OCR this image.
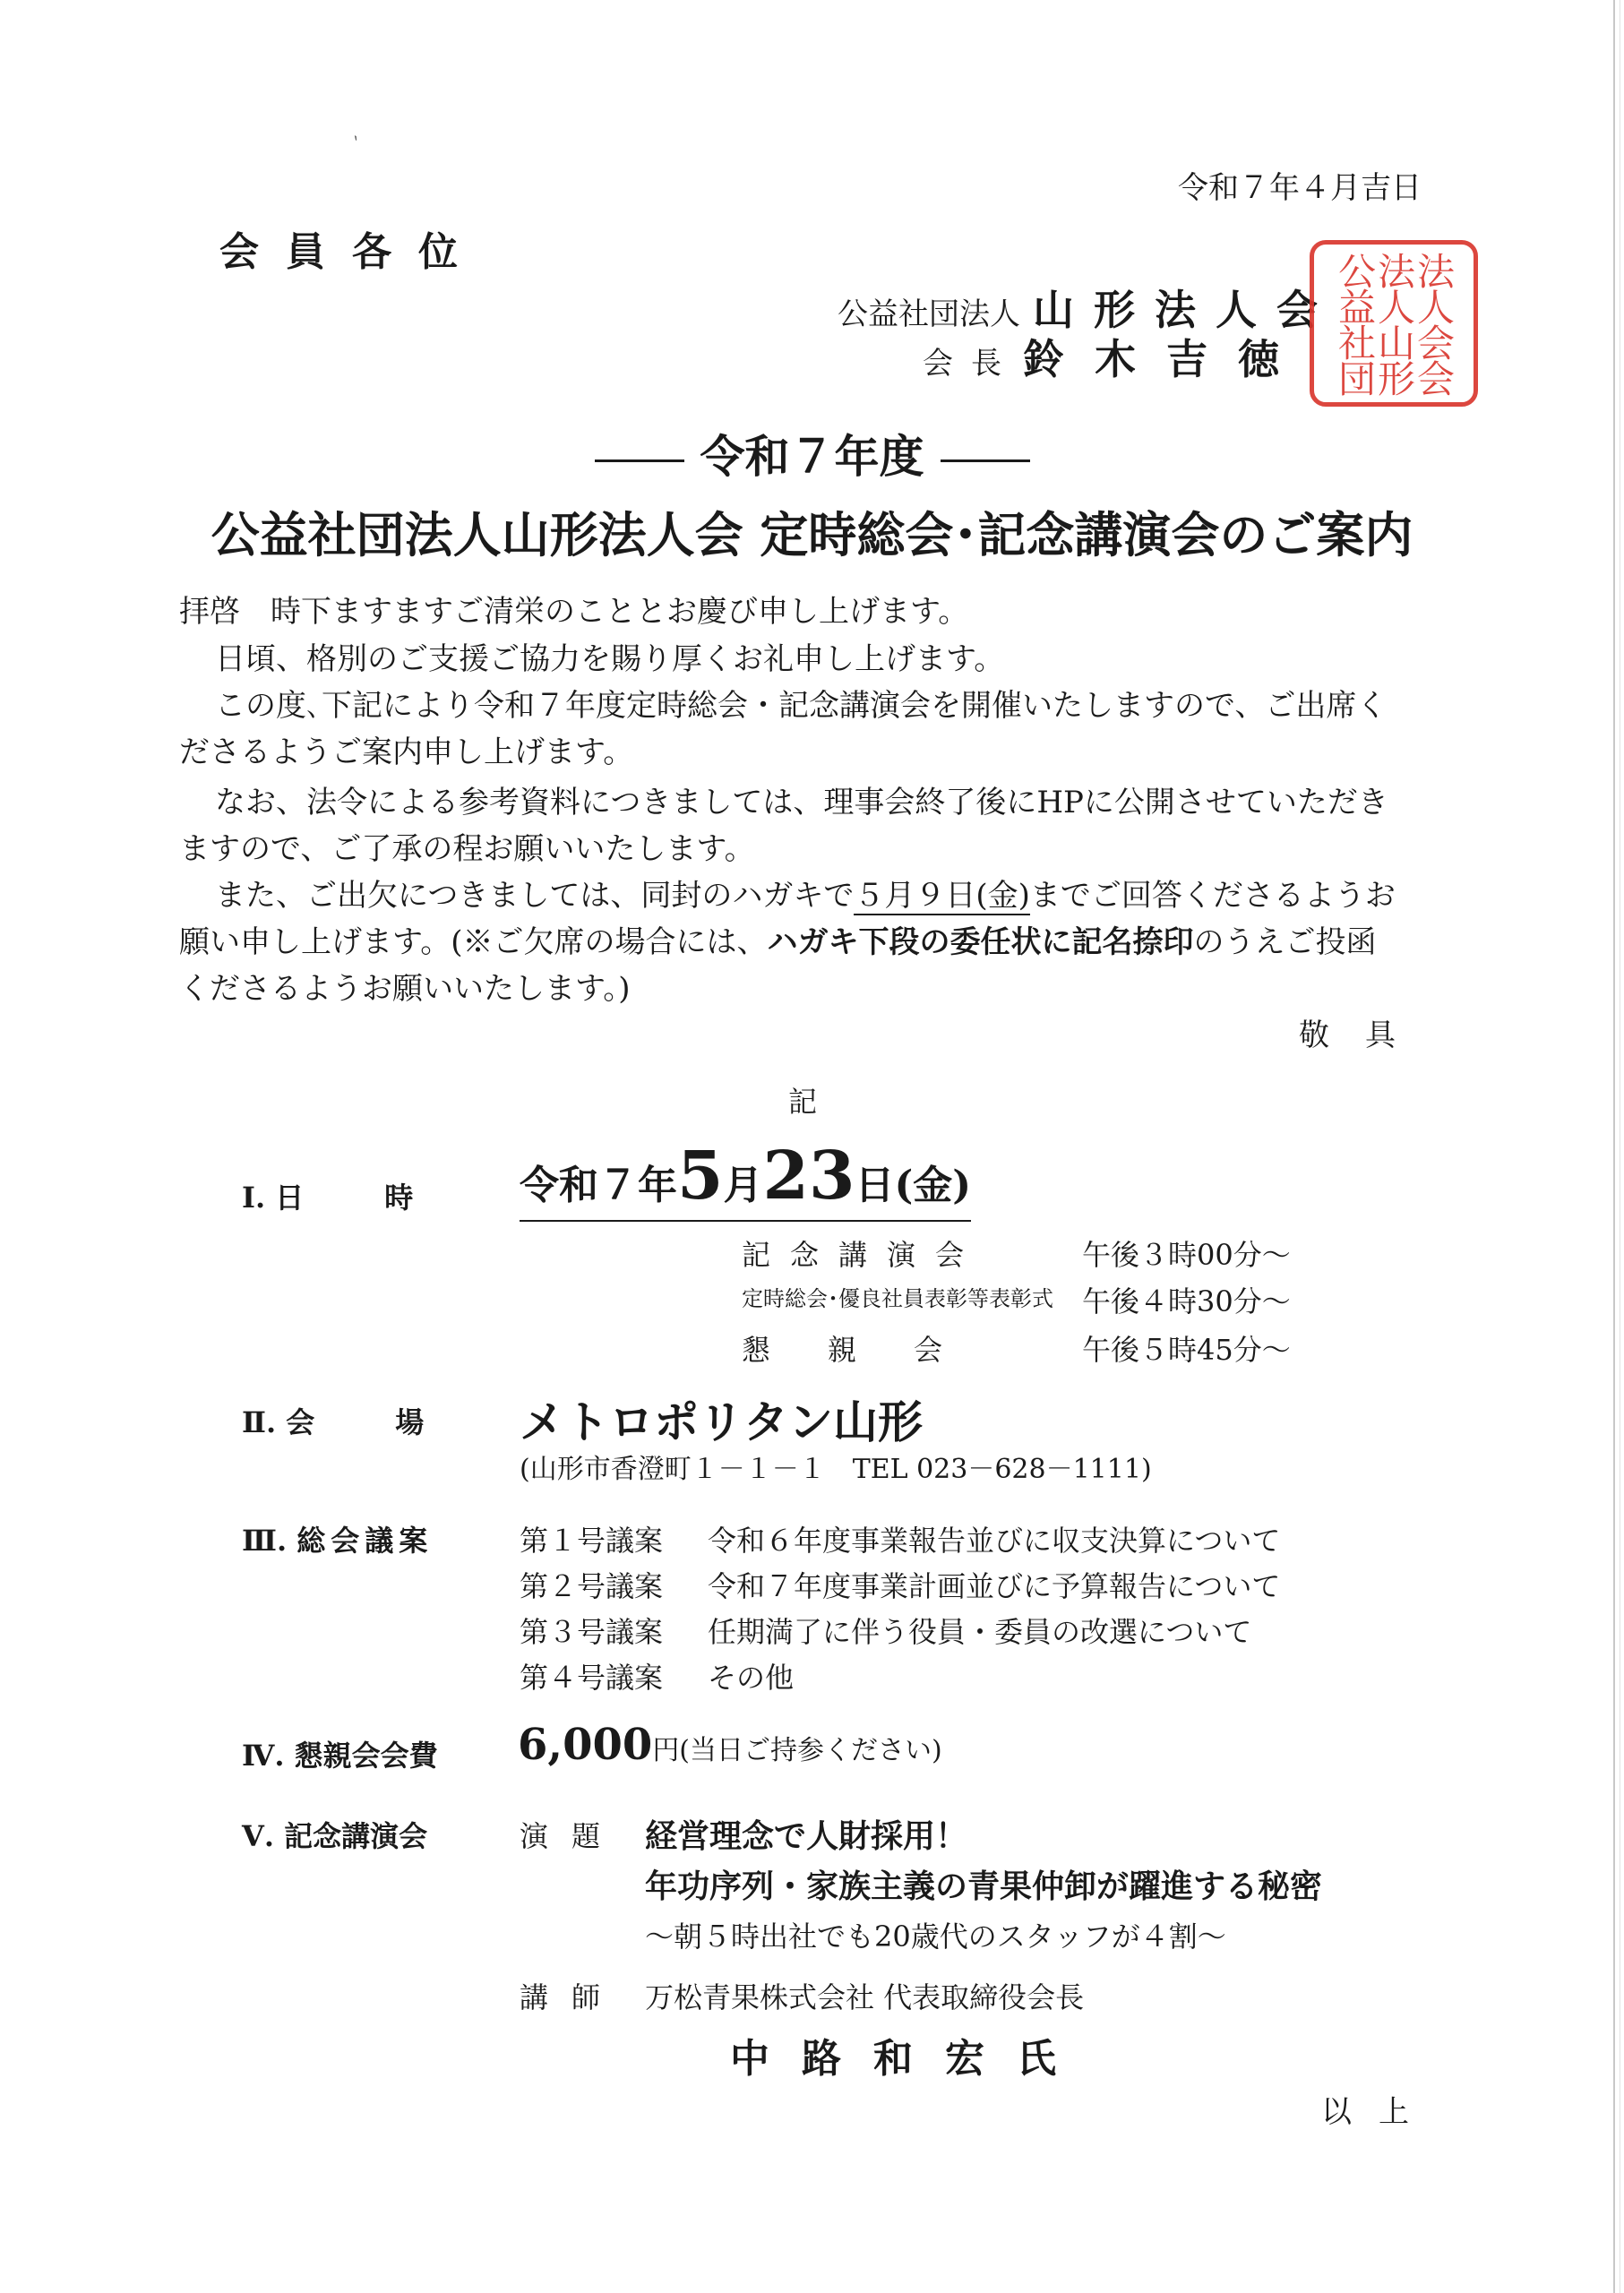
`
令和７年４月吉日
会員各位
公益社団法人 山形法人会
会長鈴木吉徳 公益社団

法人山形
法人会会
令和７年度
公益社団法人山形法人会 定時総会･記念講演会のご案内
拝啓　時下ますますご清栄のこととお慶び申し上げます。
日頃、格別のご支援ご協力を賜り厚くお礼申し上げます。
この度､下記により令和７年度定時総会・記念講演会を開催いたしますので、ご出席く
ださるようご案内申し上げます。
なお、法令による参考資料につきましては、理事会終了後にHPに公開させていただき
ますので、ご了承の程お願いいたします。
また、ご出欠につきましては、同封のハガキで５月９日(金)までご回答くださるようお
願い申し上げます。(※ご欠席の場合には、ハガキ下段の委任状に記名捺印のうえご投函
くださるようお願いいたします。)
敬具
記
Ⅰ. 日時 令和７年5月23日(金)
記念講演会	午後３時00分～
定時総会･優良社員表彰等表彰式 午後４時30分～
懇親会	午後５時45分～
Ⅱ. 会場 メトロポリタン山形
(山形市香澄町１－１－１　TEL 023－628－1111)
Ⅲ. 総会議案	第１号議案 令和６年度事業報告並びに収支決算について
第２号議案 令和７年度事業計画並びに予算報告について
第３号議案 任期満了に伴う役員・委員の改選について
第４号議案 その他
Ⅳ. 懇親会会費 6,000円(当日ご持参ください)
Ⅴ. 記念講演会	演題 経営理念で人財採用！
年功序列・家族主義の青果仲卸が躍進する秘密
～朝５時出社でも20歳代のスタッフが４割～
講師 万松青果株式会社 代表取締役会長
中路和宏氏
以上
